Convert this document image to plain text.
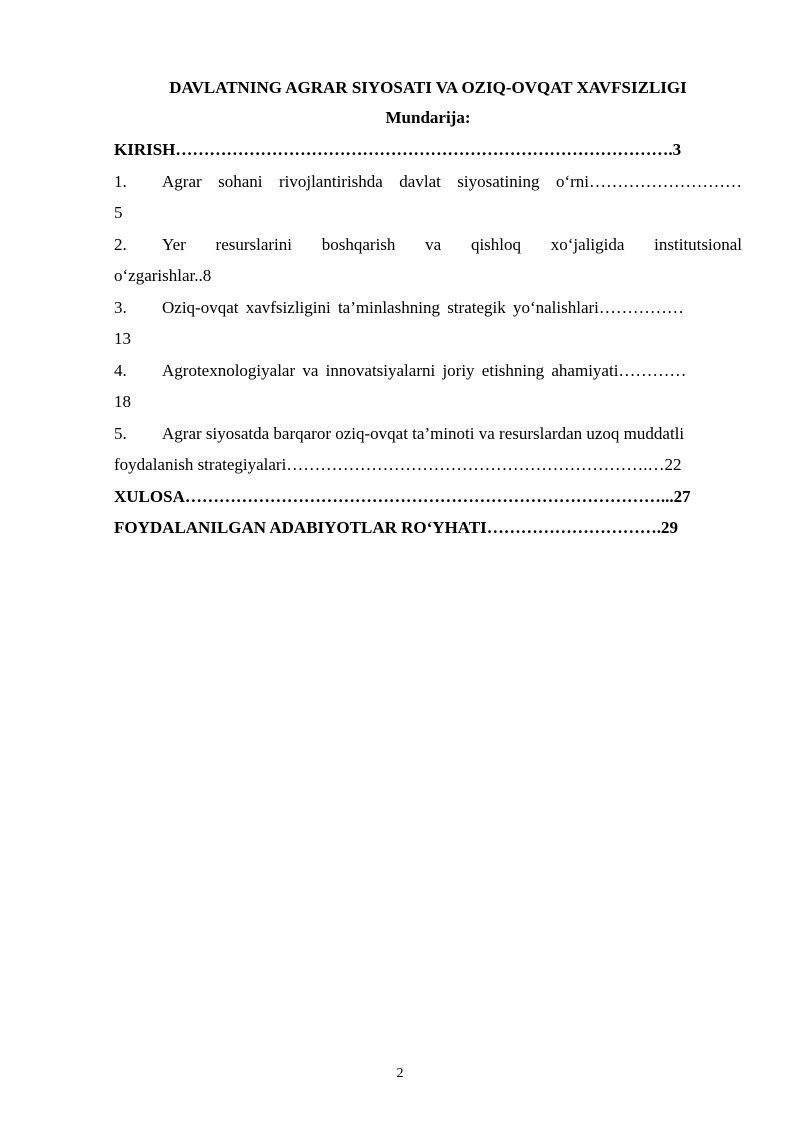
DAVLATNING AGRAR SIYOSATI VA OZIQ-OVQAT XAVFSIZLIGI

Mundarija:

KIRISH…………………………………………………………………………….3

1. Agrar sohani rivojlantirishda davlat siyosatining o‘rni………………………

5

2. Yer resurslarini boshqarish va qishloq xo‘jaligida institutsional

o‘zgarishlar..8

3. Oziq-ovqat xavfsizligini ta’minlashning strategik yo‘nalishlari……………

13

4. Agrotexnologiyalar va innovatsiyalarni joriy etishning ahamiyati…………

18

5. Agrar siyosatda barqaror oziq-ovqat ta’minoti va resurslardan uzoq muddatli

foydalanish strategiyalari……………………………………………………….…22

XULOSA…………………………………………………………………………...27

FOYDALANILGAN ADABIYOTLAR RO‘YHATI………………………….29

2
